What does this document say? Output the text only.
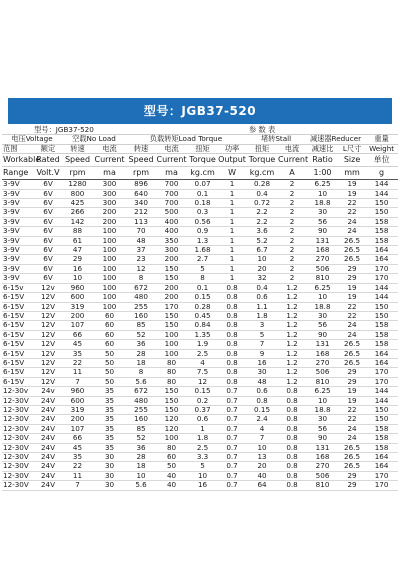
型号：JGB37-520
型号：JGB37-520				参 数 表								
电压Voltage		空载No Load		负载转矩Load Torque				堵转Stall		减速器Reducer		重量
范围	额定	转速	电流	转速	电流	扭矩	功率	扭矩	电流	减速比	L尺寸	Weight
Workable	Rated	Speed	Current	Speed	Current	Torque	Output	Torque	Current	Ratio	Size	单位
Range	Volt.V	rpm	ma	rpm	ma	kg.cm	W	kg.cm	A	1:00	mm	g
3-9V	6V	1280	300	896	700	0.07	1	0.28	2	6.25	19	144
3-9V	6V	800	300	640	700	0.1	1	0.4	2	10	19	144
3-9V	6V	425	300	340	700	0.18	1	0.72	2	18.8	22	150
3-9V	6V	266	200	212	500	0.3	1	2.2	2	30	22	150
3-9V	6V	142	200	113	400	0.56	1	2.2	2	56	24	158
3-9V	6V	88	100	70	400	0.9	1	3.6	2	90	24	158
3-9V	6V	61	100	48	350	1.3	1	5.2	2	131	26.5	158
3-9V	6V	47	100	37	300	1.68	1	6.7	2	168	26.5	164
3-9V	6V	29	100	23	200	2.7	1	10	2	270	26.5	164
3-9V	6V	16	100	12	150	5	1	20	2	506	29	170
3-9V	6V	10	100	8	150	8	1	32	2	810	29	170
6-15v	12v	960	100	672	200	0.1	0.8	0.4	1.2	6.25	19	144
6-15V	12V	600	100	480	200	0.15	0.8	0.6	1.2	10	19	144
6-15V	12V	319	100	255	170	0.28	0.8	1.1	1.2	18.8	22	150
6-15V	12V	200	60	160	150	0.45	0.8	1.8	1.2	30	22	150
6-15V	12V	107	60	85	150	0.84	0.8	3	1.2	56	24	158
6-15V	12V	66	60	52	100	1.35	0.8	5	1.2	90	24	158
6-15V	12V	45	60	36	100	1.9	0.8	7	1.2	131	26.5	158
6-15V	12V	35	50	28	100	2.5	0.8	9	1.2	168	26.5	164
6-15V	12V	22	50	18	80	4	0.8	16	1.2	270	26.5	164
6-15V	12V	11	50	8	80	7.5	0.8	30	1.2	506	29	170
6-15V	12V	7	50	5.6	80	12	0.8	48	1.2	810	29	170
12-30v	24v	960	35	672	150	0.15	0.7	0.6	0.8	6.25	19	144
12-30V	24V	600	35	480	150	0.2	0.7	0.8	0.8	10	19	144
12-30V	24V	319	35	255	150	0.37	0.7	0.15	0.8	18.8	22	150
12-30V	24V	200	35	160	120	0.6	0.7	2.4	0.8	30	22	150
12-30V	24V	107	35	85	120	1	0.7	4	0.8	56	24	158
12-30V	24V	66	35	52	100	1.8	0.7	7	0.8	90	24	158
12-30V	24V	45	35	36	80	2.5	0.7	10	0.8	131	26.5	158
12-30V	24V	35	30	28	60	3.3	0.7	13	0.8	168	26.5	164
12-30V	24V	22	30	18	50	5	0.7	20	0.8	270	26.5	164
12-30V	24V	11	30	10	40	10	0.7	40	0.8	506	29	170
12-30V	24V	7	30	5.6	40	16	0.7	64	0.8	810	29	170
